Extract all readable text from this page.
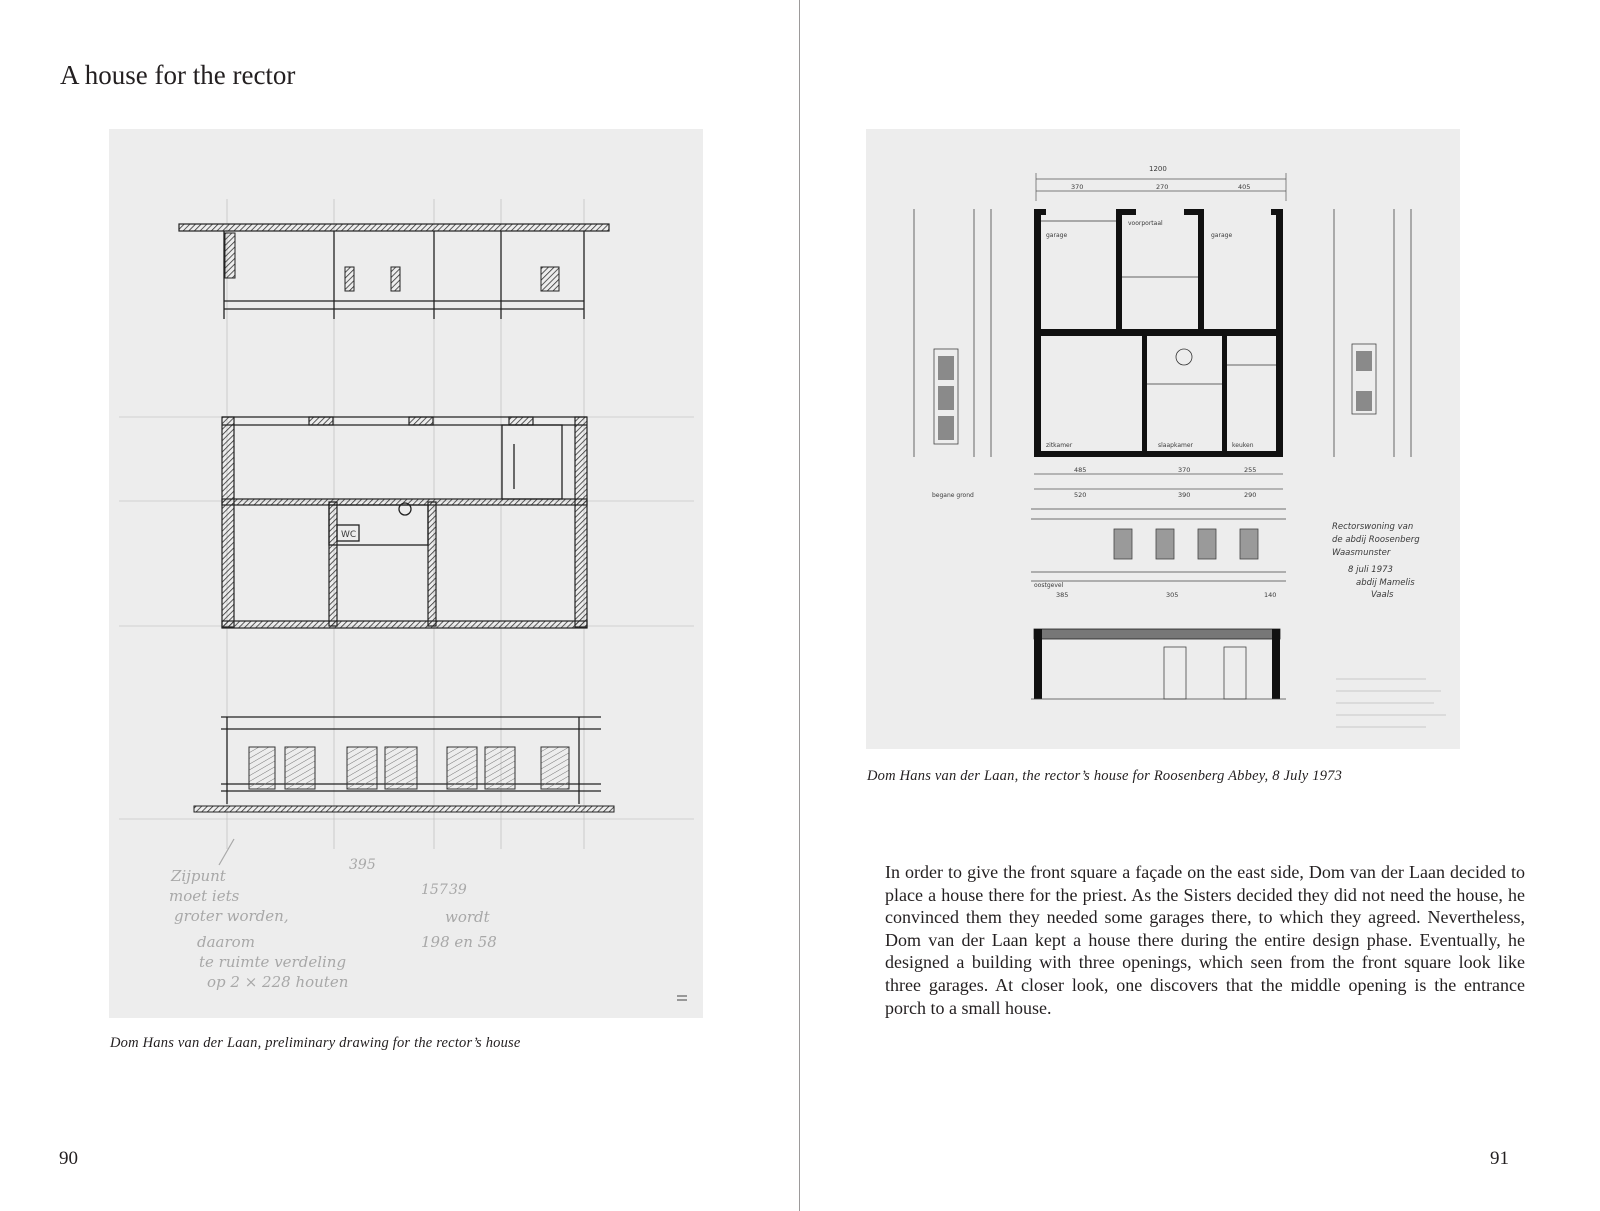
A house for the rector
WC
395
157 39
Zijpunt
moet iets
groter worden,
daarom
te ruimte verdeling
op 2 × 228 houten
wordt
198 en 58
Dom Hans van der Laan, preliminary drawing for the rector’s house
90
1200
370	270	405
garage
voorportaal
garage
zitkamer	slaapkamer	keuken
485	370	255
520	390	290
begane grond
oostgevel
385	305	140
Rectorswoning van
de abdij Roosenberg
Waasmunster
8 juli 1973
abdij Mamelis
Vaals
Dom Hans van der Laan, the rector’s house for Roosenberg Abbey, 8 July 1973

In order to give the front square a façade on the east side, Dom van der Laan decided to place a house there for the priest. As the Sisters decided they did not need the house, he convinced them they needed some garages there, to which they agreed. Nevertheless, Dom van der Laan kept a house there during the entire design phase. Eventually, he designed a building with three openings, which seen from the front square look like three garages. At closer look, one discovers that the middle opening is the entrance porch to a small house.

91
